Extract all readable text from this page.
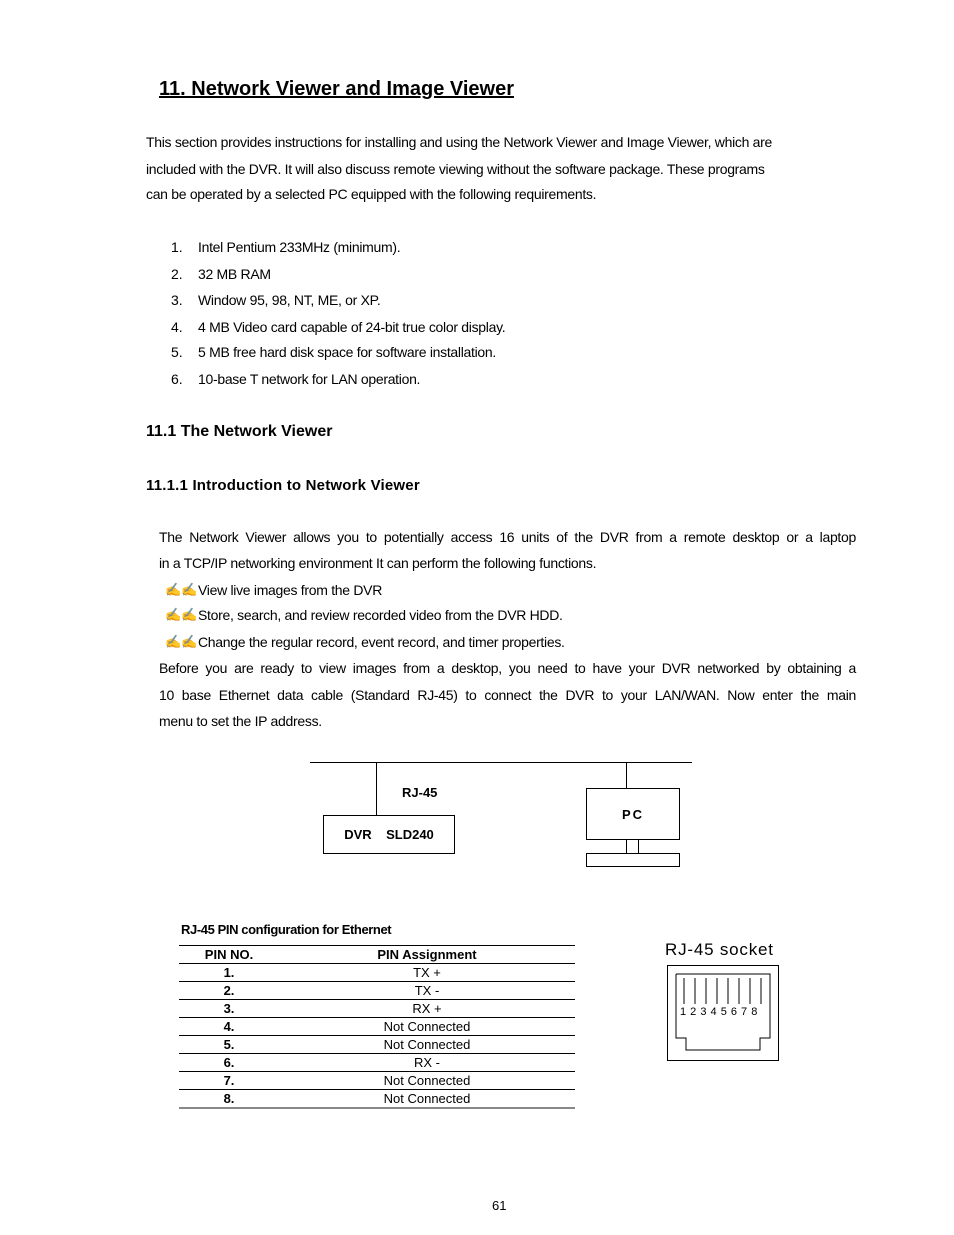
11. Network Viewer and Image Viewer
This section provides instructions for installing and using the Network Viewer and Image Viewer, which are
included with the DVR. It will also discuss remote viewing without the software package. These programs
can be operated by a selected PC equipped with the following requirements.
1. Intel Pentium 233MHz (minimum).
2. 32 MB RAM
3. Window 95, 98, NT, ME, or XP.
4. 4 MB Video card capable of 24-bit true color display.
5. 5 MB free hard disk space for software installation.
6. 10-base T network for LAN operation.
11.1 The Network Viewer
11.1.1 Introduction to Network Viewer
The Network Viewer allows you to potentially access 16 units of the DVR from a remote desktop or a laptop
in a TCP/IP networking environment It can perform the following functions.
✍✍ View live images from the DVR
✍✍ Store, search, and review recorded video from the DVR HDD.
✍✍ Change the regular record, event record, and timer properties.
Before you are ready to view images from a desktop, you need to have your DVR networked by obtaining a
10 base Ethernet data cable (Standard RJ-45) to connect the DVR to your LAN/WAN. Now enter the main
menu to set the IP address.
RJ-45
DVR    SLD240
PC
RJ-45 PIN configuration for Ethernet
PIN NO.	PIN Assignment
1.	TX +
2.	TX -
3.	RX +
4.	Not Connected
5.	Not Connected
6.	RX -
7.	Not Connected
8.	Not Connected
RJ-45 socket
1 2 3 4 5 6 7 8
61
